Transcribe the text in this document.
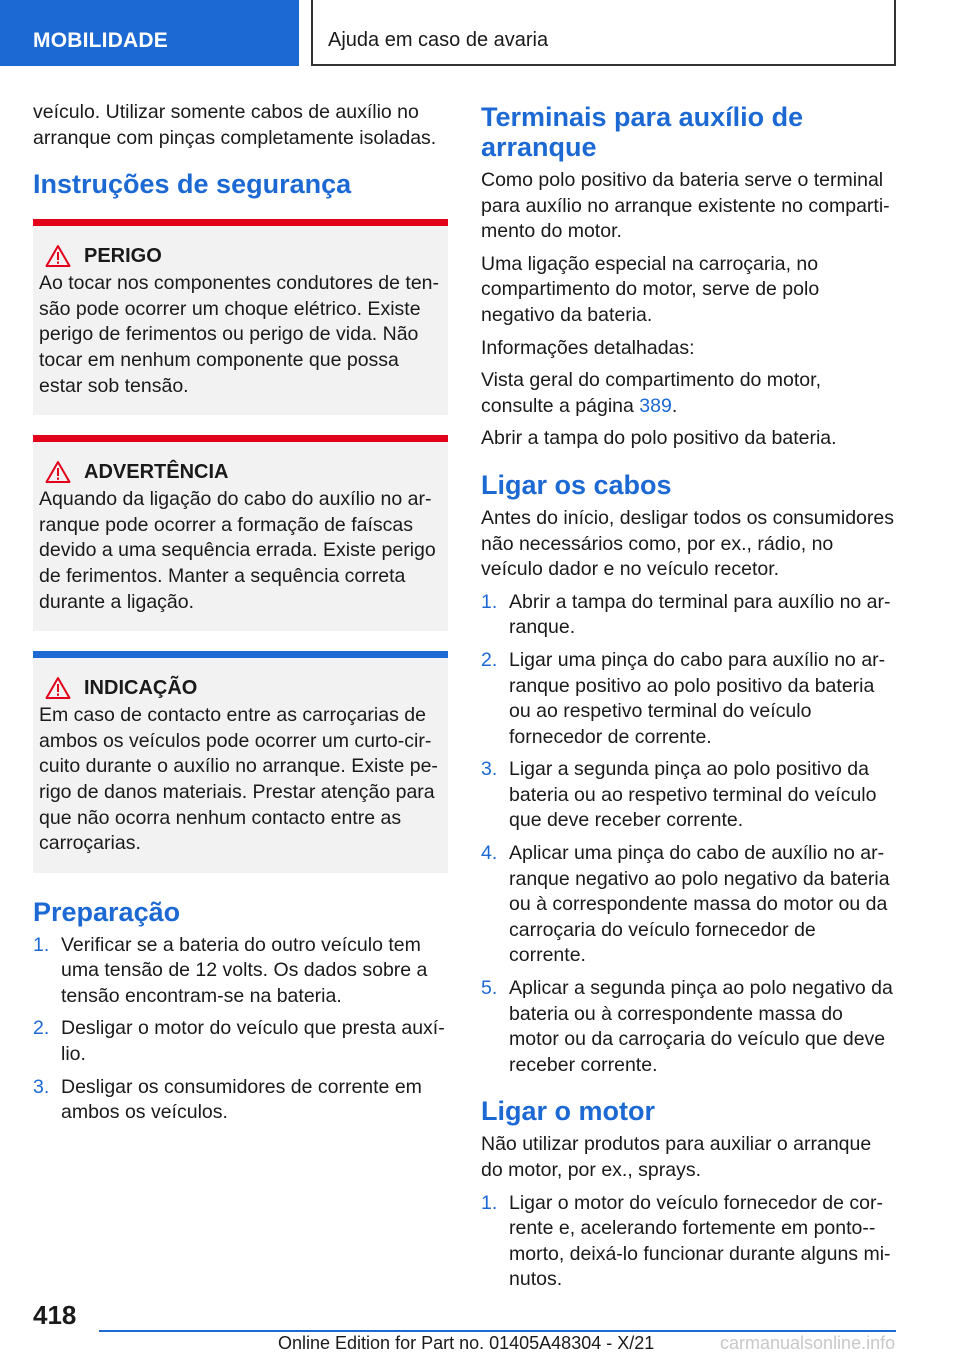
MOBILIDADE	Ajuda em caso de avaria

veículo. Utilizar somente cabos de auxílio no arranque com pinças completamente isoladas.

Instruções de segurança
PERIGO

Ao tocar nos componentes condutores de tensão pode ocorrer um choque elétrico. Existe perigo de ferimentos ou perigo de vida. Não tocar em nenhum componente que possa estar sob tensão.

ADVERTÊNCIA

Aquando da ligação do cabo do auxílio no arranque pode ocorrer a formação de faíscas devido a uma sequência errada. Existe perigo de ferimentos. Manter a sequência correta durante a ligação.

INDICAÇÃO

Em caso de contacto entre as carroçarias de ambos os veículos pode ocorrer um curto-circuito durante o auxílio no arranque. Existe perigo de danos materiais. Prestar atenção para que não ocorra nenhum contacto entre as carroçarias.

Preparação
1. Verificar se a bateria do outro veículo tem uma tensão de 12 volts. Os dados sobre a tensão encontram-se na bateria.
2. Desligar o motor do veículo que presta auxílio.
3. Desligar os consumidores de corrente em ambos os veículos.
Terminais para auxílio de arranque

Como polo positivo da bateria serve o terminal para auxílio no arranque existente no compartimento do motor.

Uma ligação especial na carroçaria, no compartimento do motor, serve de polo negativo da bateria.

Informações detalhadas:

Vista geral do compartimento do motor, consulte a página 389.

Abrir a tampa do polo positivo da bateria.

Ligar os cabos

Antes do início, desligar todos os consumidores não necessários como, por ex., rádio, no veículo dador e no veículo recetor.

1. Abrir a tampa do terminal para auxílio no arranque.
2. Ligar uma pinça do cabo para auxílio no arranque positivo ao polo positivo da bateria ou ao respetivo terminal do veículo fornecedor de corrente.
3. Ligar a segunda pinça ao polo positivo da bateria ou ao respetivo terminal do veículo que deve receber corrente.
4. Aplicar uma pinça do cabo de auxílio no arranque negativo ao polo negativo da bateria ou à correspondente massa do motor ou da carroçaria do veículo fornecedor de corrente.
5. Aplicar a segunda pinça ao polo negativo da bateria ou à correspondente massa do motor ou da carroçaria do veículo que deve receber corrente.
Ligar o motor

Não utilizar produtos para auxiliar o arranque do motor, por ex., sprays.

1. Ligar o motor do veículo fornecedor de corrente e, acelerando fortemente em ponto--morto, deixá-lo funcionar durante alguns minutos.
418
Online Edition for Part no. 01405A48304 - X/21	carmanualsonline.info
